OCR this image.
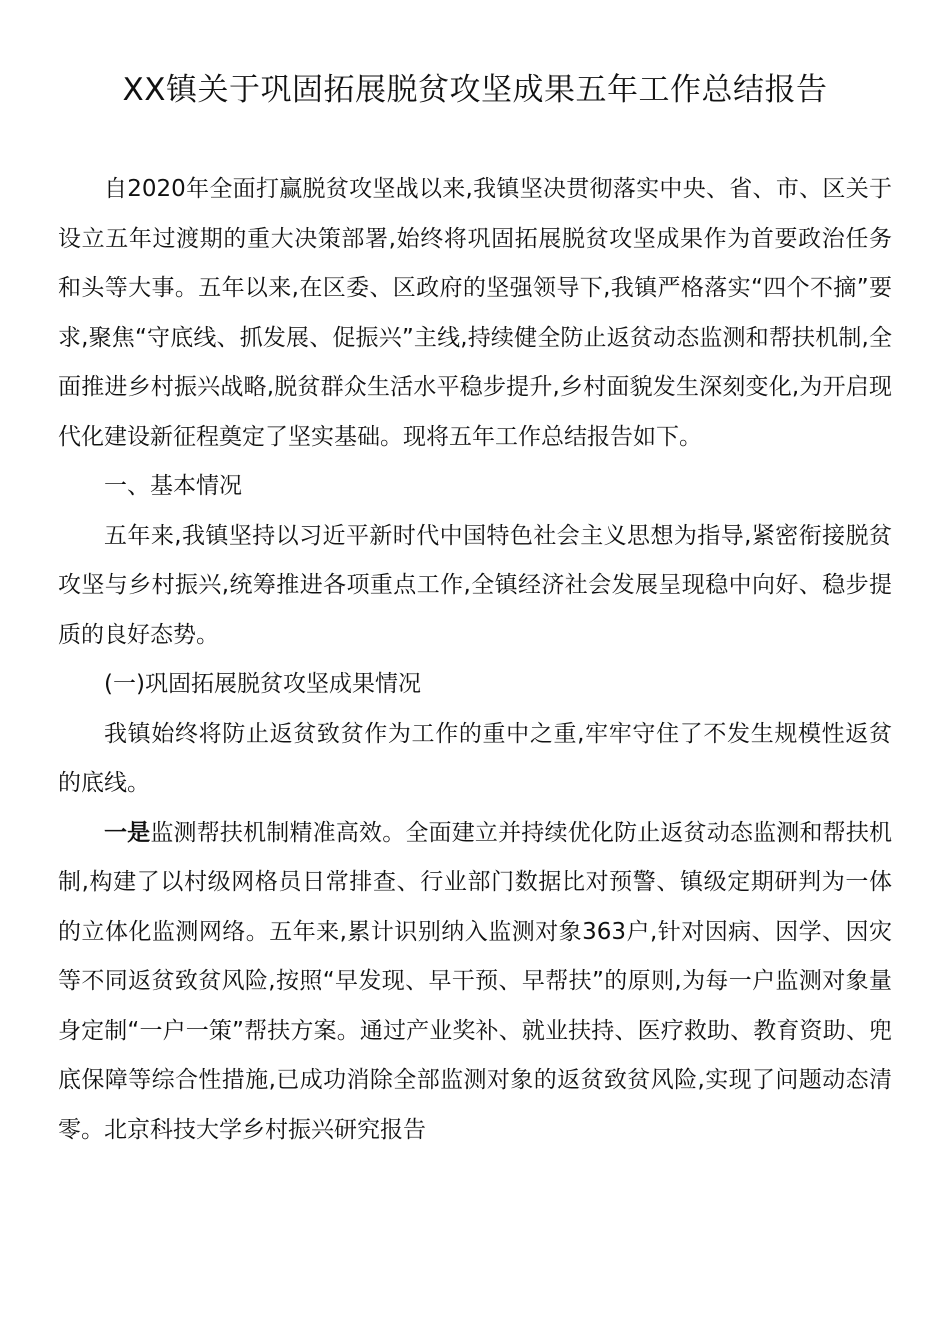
XX镇关于巩固拓展脱贫攻坚成果五年工作总结报告

自2020年全面打赢脱贫攻坚战以来,我镇坚决贯彻落实中央、省、市、区关于设立五年过渡期的重大决策部署,始终将巩固拓展脱贫攻坚成果作为首要政治任务和头等大事。五年以来,在区委、区政府的坚强领导下,我镇严格落实“四个不摘”要求,聚焦“守底线、抓发展、促振兴”主线,持续健全防止返贫动态监测和帮扶机制,全面推进乡村振兴战略,脱贫群众生活水平稳步提升,乡村面貌发生深刻变化,为开启现代化建设新征程奠定了坚实基础。现将五年工作总结报告如下。

一、基本情况

五年来,我镇坚持以习近平新时代中国特色社会主义思想为指导,紧密衔接脱贫攻坚与乡村振兴,统筹推进各项重点工作,全镇经济社会发展呈现稳中向好、稳步提质的良好态势。

(一)巩固拓展脱贫攻坚成果情况

我镇始终将防止返贫致贫作为工作的重中之重,牢牢守住了不发生规模性返贫的底线。

一是监测帮扶机制精准高效。全面建立并持续优化防止返贫动态监测和帮扶机制,构建了以村级网格员日常排查、行业部门数据比对预警、镇级定期研判为一体的立体化监测网络。五年来,累计识别纳入监测对象363户,针对因病、因学、因灾等不同返贫致贫风险,按照“早发现、早干预、早帮扶”的原则,为每一户监测对象量身定制“一户一策”帮扶方案。通过产业奖补、就业扶持、医疗救助、教育资助、兜底保障等综合性措施,已成功消除全部监测对象的返贫致贫风险,实现了问题动态清零。北京科技大学乡村振兴研究报告
